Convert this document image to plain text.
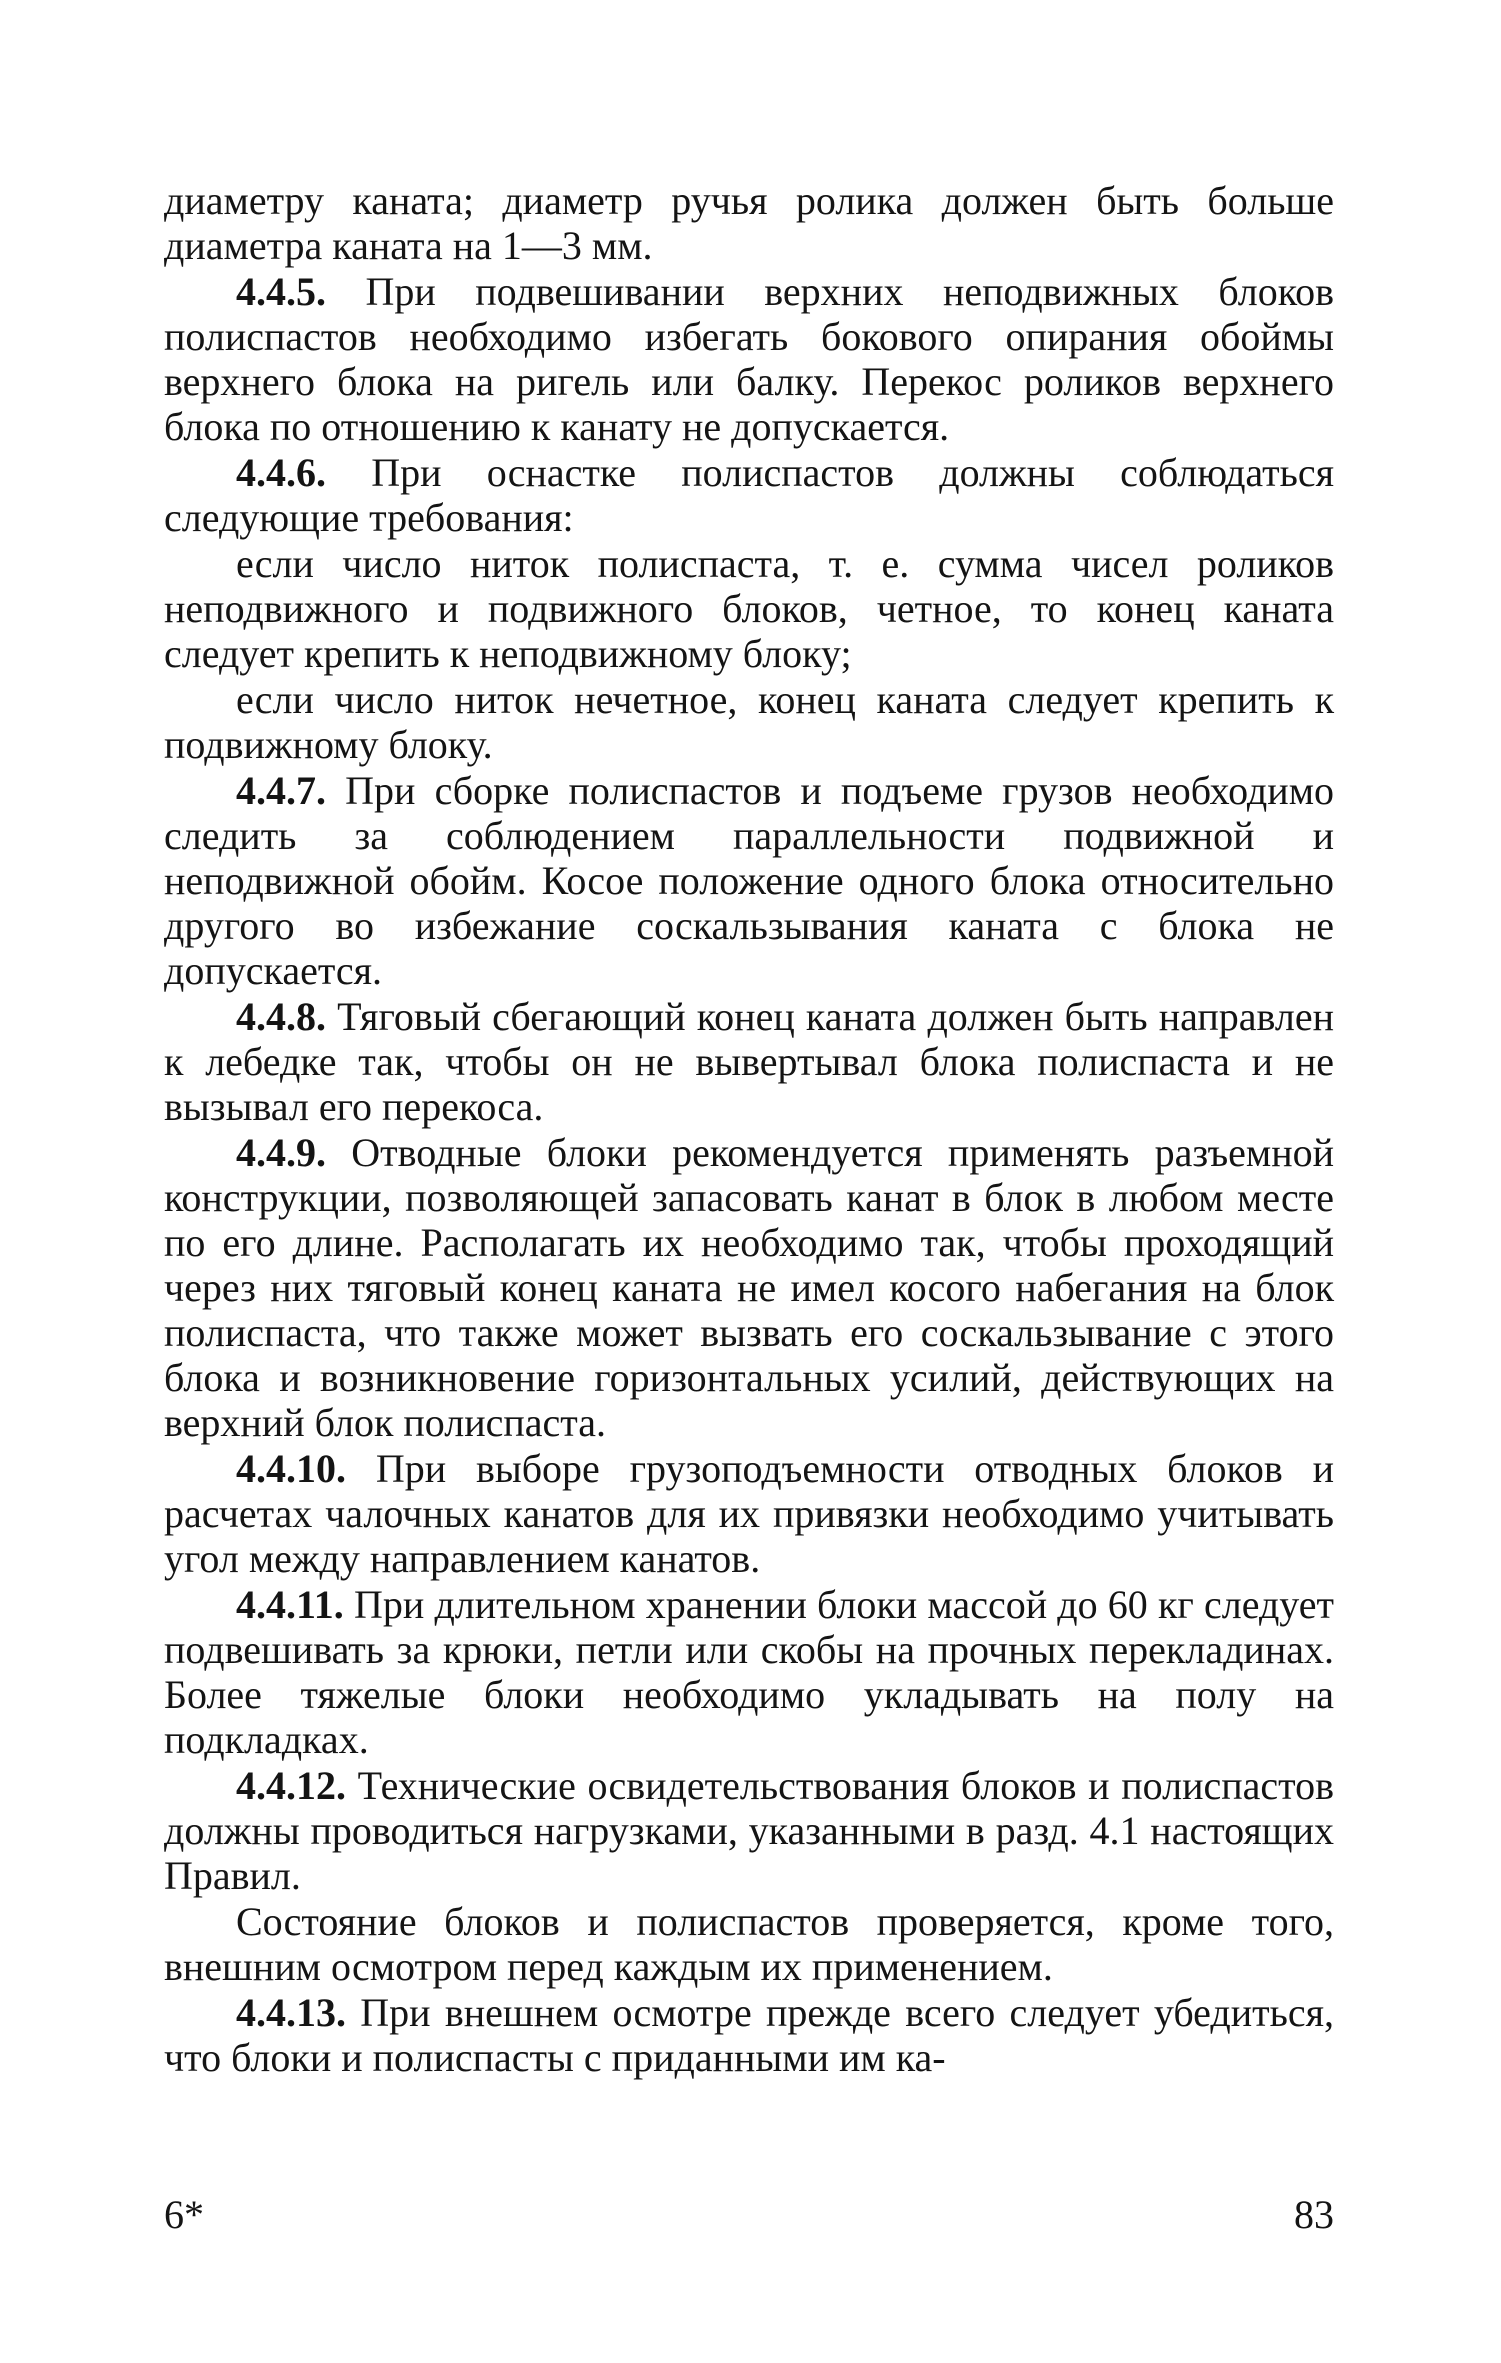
диаметру каната; диаметр ручья ролика должен быть больше диаметра каната на 1—3 мм.

4.4.5. При подвешивании верхних неподвижных блоков полиспастов необходимо избегать бокового опирания обоймы верхнего блока на ригель или балку. Перекос роликов верхнего блока по отношению к канату не допускается.

4.4.6. При оснастке полиспастов должны соблюдаться следующие требования:

если число ниток полиспаста, т. е. сумма чисел роликов неподвижного и подвижного блоков, четное, то конец каната следует крепить к неподвижному блоку;

если число ниток нечетное, конец каната следует крепить к подвижному блоку.

4.4.7. При сборке полиспастов и подъеме грузов необходимо следить за соблюдением параллельности подвижной и неподвижной обойм. Косое положение одного блока относительно другого во избежание соскальзывания каната с блока не допускается.

4.4.8. Тяговый сбегающий конец каната должен быть направлен к лебедке так, чтобы он не вывертывал блока полиспаста и не вызывал его перекоса.

4.4.9. Отводные блоки рекомендуется применять разъемной конструкции, позволяющей запасовать канат в блок в любом месте по его длине. Располагать их необходимо так, чтобы проходящий через них тяговый конец каната не имел косого набегания на блок полиспаста, что также может вызвать его соскальзывание с этого блока и возникновение горизонтальных усилий, действующих на верхний блок полиспаста.

4.4.10. При выборе грузоподъемности отводных блоков и расчетах чалочных канатов для их привязки необходимо учитывать угол между направлением канатов.

4.4.11. При длительном хранении блоки массой до 60 кг следует подвешивать за крюки, петли или скобы на прочных перекладинах. Более тяжелые блоки необходимо укладывать на полу на подкладках.

4.4.12. Технические освидетельствования блоков и полиспастов должны проводиться нагрузками, указанными в разд. 4.1 настоящих Правил.

Состояние блоков и полиспастов проверяется, кроме того, внешним осмотром перед каждым их применением.

4.4.13. При внешнем осмотре прежде всего следует убедиться, что блоки и полиспасты с приданными им ка-

6*	83
